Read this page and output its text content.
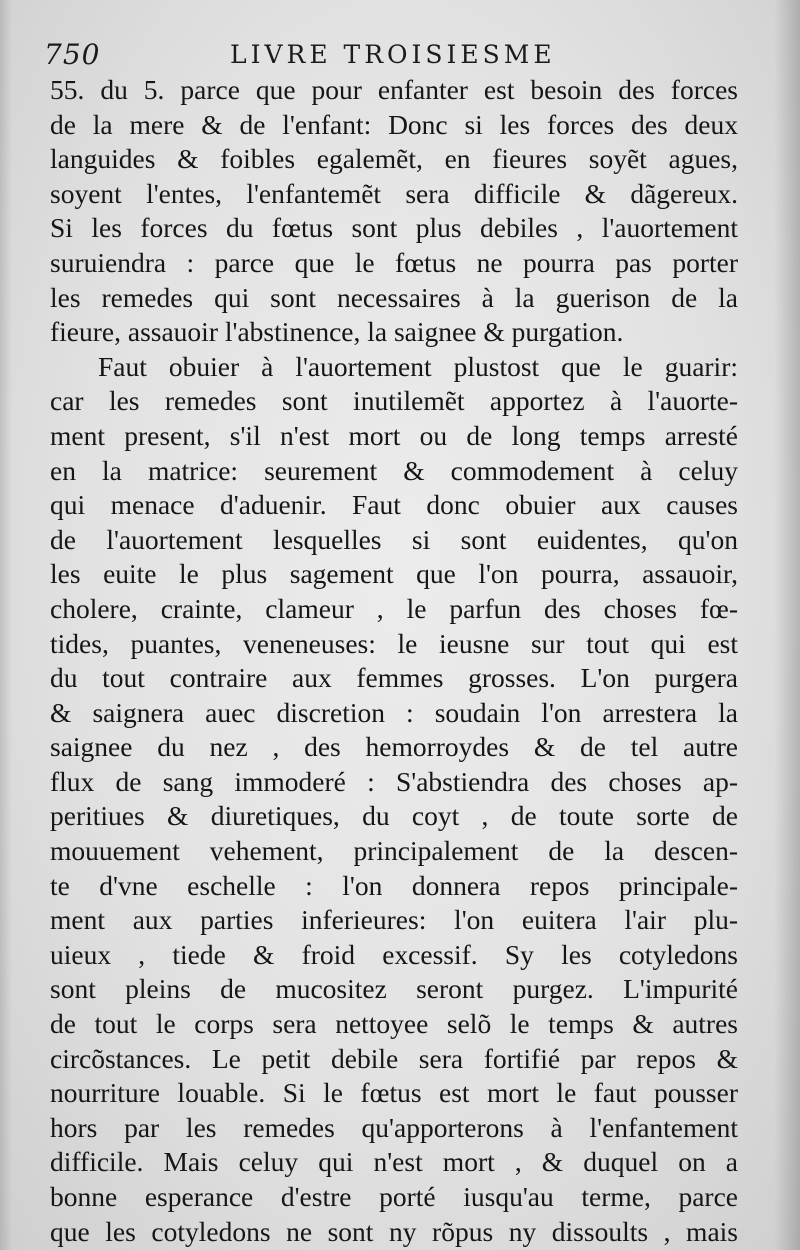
750	LIVRE TROISIESME
55. du 5. parce que pour enfanter est besoin des forces
de la mere & de l'enfant: Donc si les forces des deux
languides & foibles egalemẽt, en fieures soyẽt agues,
soyent l'entes, l'enfantemẽt sera difficile & dãgereux.
Si les forces du fœtus sont plus debiles , l'auortement
suruiendra : parce que le fœtus ne pourra pas porter
les remedes qui sont necessaires à la guerison de la
fieure, assauoir l'abstinence, la saignee & purgation.
Faut obuier à l'auortement plustost que le guarir:
car les remedes sont inutilemẽt apportez à l'auorte-
ment present, s'il n'est mort ou de long temps arresté
en la matrice: seurement & commodement à celuy
qui menace d'aduenir. Faut donc obuier aux causes
de l'auortement lesquelles si sont euidentes, qu'on
les euite le plus sagement que l'on pourra, assauoir,
cholere, crainte, clameur , le parfun des choses fœ-
tides, puantes, veneneuses: le ieusne sur tout qui est
du tout contraire aux femmes grosses. L'on purgera
& saignera auec discretion : soudain l'on arrestera la
saignee du nez , des hemorroydes & de tel autre
flux de sang immoderé : S'abstiendra des choses ap-
peritiues & diuretiques, du coyt , de toute sorte de
mouuement vehement, principalement de la descen-
te d'vne eschelle : l'on donnera repos principale-
ment aux parties inferieures: l'on euitera l'air plu-
uieux , tiede & froid excessif. Sy les cotyledons
sont pleins de mucositez seront purgez. L'impurité
de tout le corps sera nettoyee selõ le temps & autres
circõstances. Le petit debile sera fortifié par repos &
nourriture louable. Si le fœtus est mort le faut pousser
hors par les remedes qu'apporterons à l'enfantement
difficile. Mais celuy qui n'est mort , & duquel on a
bonne esperance d'estre porté iusqu'au terme, parce
que les cotyledons ne sont ny rõpus ny dissoults , mais
